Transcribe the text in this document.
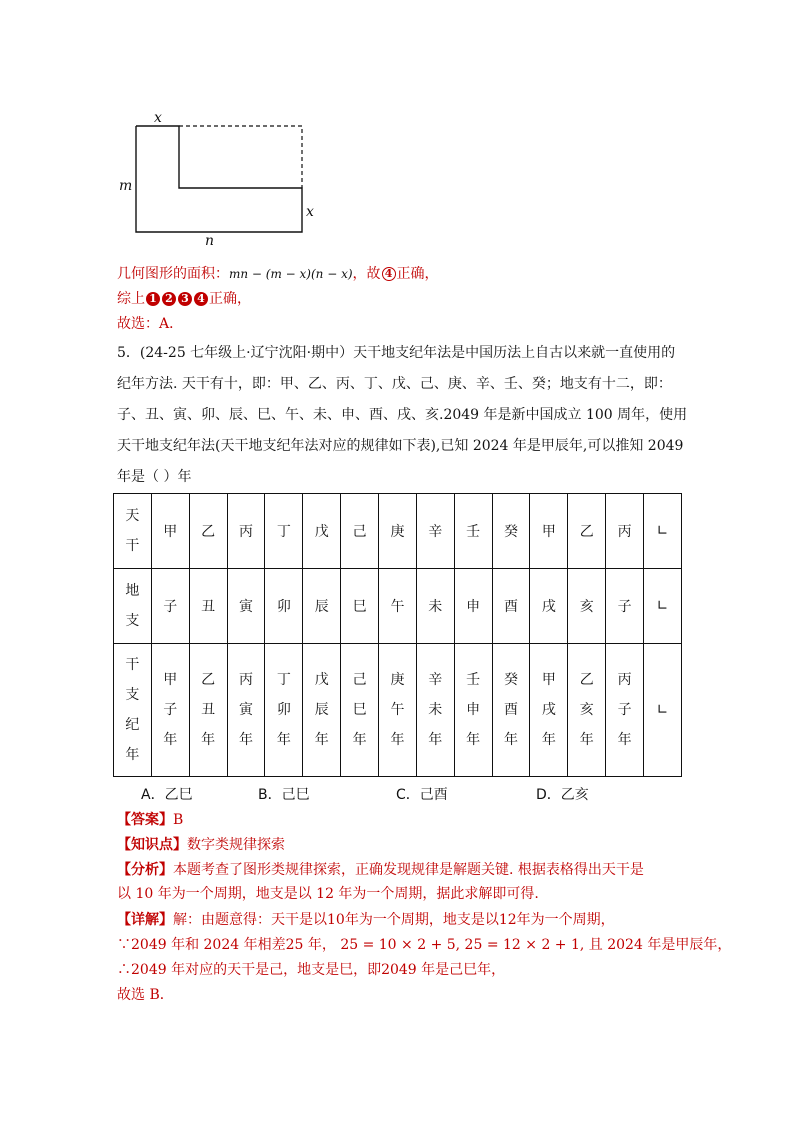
x
m
x
n
几何图形的面积：mn − (m − x)(n − x)，故 4 正确，
综上 1 2 3 4 正确，
故选：A．
5．(24-25 七年级上·辽宁沈阳·期中）天干地支纪年法是中国历法上自古以来就一直使用的
纪年方法. 天干有十，即：甲、乙、丙、丁、戊、己、庚、辛、壬、癸；地支有十二，即：
子、丑、寅、卯、辰、巳、午、未、申、酉、戌、亥.2049 年是新中国成立 100 周年，使用
天干地支纪年法(天干地支纪年法对应的规律如下表),已知 2024 年是甲辰年,可以推知 2049
年是（ ）年
天干	甲	乙	丙	丁	戊	己	庚	辛	壬	癸	甲	乙	丙	∟
地支	子	丑	寅	卯	辰	巳	午	未	申	酉	戌	亥	子	∟
干支纪年	甲子年	乙丑年	丙寅年	丁卯年	戊辰年	己巳年	庚午年	辛未年	壬申年	癸酉年	甲戌年	乙亥年	丙子年	∟
A．乙巳	B．己巳	C．己酉	D．乙亥
【答案】B
【知识点】数字类规律探索
【分析】本题考查了图形类规律探索，正确发现规律是解题关键. 根据表格得出天干是
以 10 年为一个周期，地支是以 12 年为一个周期，据此求解即可得.
【详解】解：由题意得：天干是以10年为一个周期，地支是以12年为一个周期，
∵2049 年和 2024 年相差25 年， 25 = 10 × 2 + 5, 25 = 12 × 2 + 1, 且 2024 年是甲辰年，
∴2049 年对应的天干是己，地支是巳，即2049 年是己巳年，
故选 B．
